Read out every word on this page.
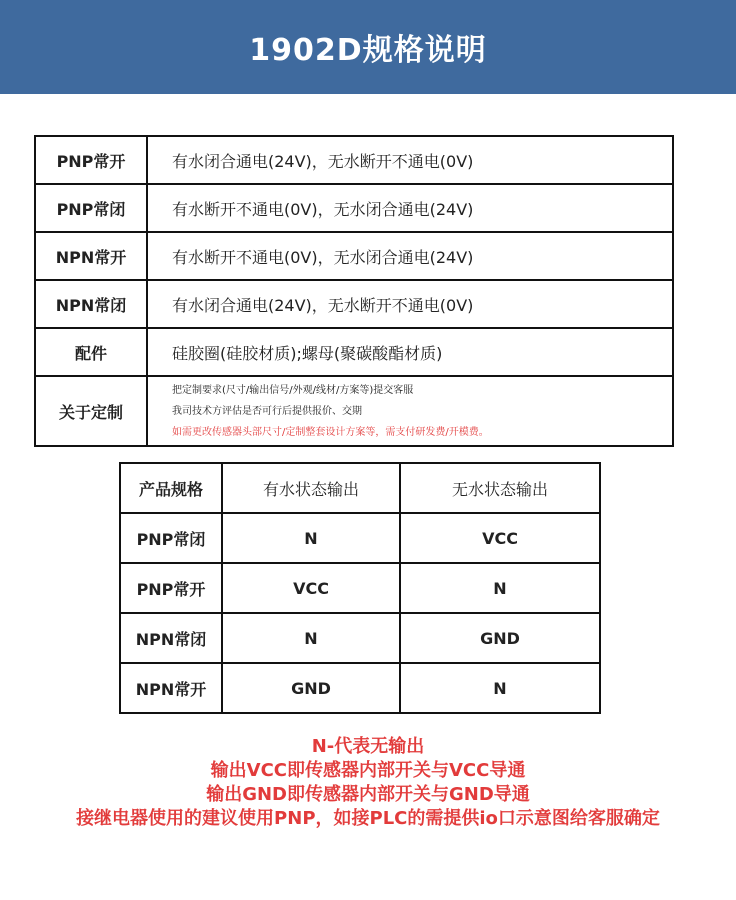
1902D规格说明
PNP常开	有水闭合通电(24V)，无水断开不通电(0V)
PNP常闭	有水断开不通电(0V)，无水闭合通电(24V)
NPN常开	有水断开不通电(0V)，无水闭合通电(24V)
NPN常闭	有水闭合通电(24V)，无水断开不通电(0V)
配件	硅胶圈(硅胶材质);螺母(聚碳酸酯材质)
关于定制	把定制要求(尺寸/输出信号/外观/线材/方案等)提交客服
我司技术方评估是否可行后提供报价、交期
如需更改传感器头部尺寸/定制整套设计方案等，需支付研发费/开模费。
产品规格	有水状态输出	无水状态输出
PNP常闭	N	VCC
PNP常开	VCC	N
NPN常闭	N	GND
NPN常开	GND	N
N-代表无输出
输出VCC即传感器内部开关与VCC导通
输出GND即传感器内部开关与GND导通
接继电器使用的建议使用PNP，如接PLC的需提供io口示意图给客服确定
